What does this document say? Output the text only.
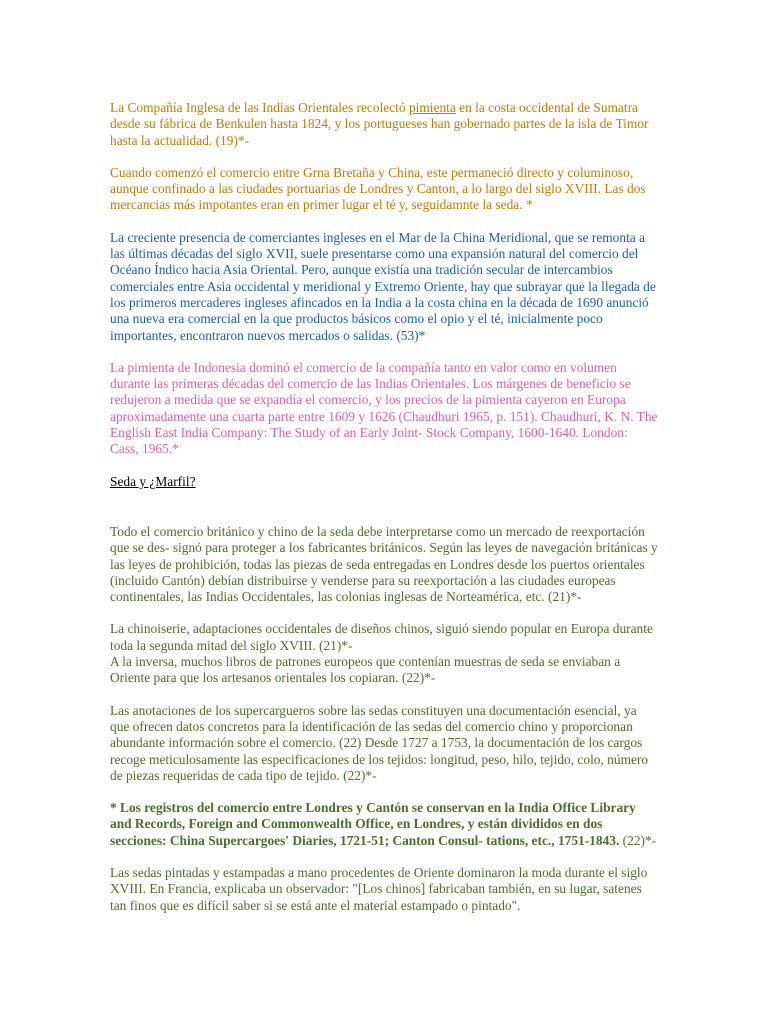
La Compañía Inglesa de las Indias Orientales recolectó pimienta en la costa occidental de Sumatra desde su fábrica de Benkulen hasta 1824, y los portugueses han gobernado partes de la isla de Timor hasta la actualidad. (19)*-

Cuando comenzó el comercio entre Grna Bretaña y China, este permaneció directo y columinoso, aunque confinado a las ciudades portuarias de Londres y Canton, a lo largo del siglo XVIII. Las dos mercancias más impotantes eran en primer lugar el té y, seguidamnte la seda. *

La creciente presencia de comerciantes ingleses en el Mar de la China Meridional, que se remonta a las últimas décadas del siglo XVII, suele presentarse como una expansión natural del comercio del Océano Índico hacia Asia Oriental. Pero, aunque existía una tradición secular de intercambios comerciales entre Asia occidental y meridional y Extremo Oriente, hay que subrayar que la llegada de los primeros mercaderes ingleses afincados en la India a la costa china en la década de 1690 anunció una nueva era comercial en la que productos básicos como el opio y el té, inicialmente poco importantes, encontraron nuevos mercados o salidas. (53)*

La pimienta de Indonesia dominó el comercio de la compañía tanto en valor como en volumen durante las primeras décadas del comercio de las Indias Orientales. Los márgenes de beneficio se redujeron a medida que se expandía el comercio, y los precios de la pimienta cayeron en Europa aproximadamente una cuarta parte entre 1609 y 1626 (Chaudhuri 1965, p. 151). Chaudhuri, K. N. The English East India Company: The Study of an Early Joint- Stock Company, 1600-1640. London: Cass, 1965.*

Seda y ¿Marfil?

Todo el comercio británico y chino de la seda debe interpretarse como un mercado de reexportación que se des- signó para proteger a los fabricantes británicos. Según las leyes de navegación británicas y las leyes de prohibición, todas las piezas de seda entregadas en Londres desde los puertos orientales (incluido Cantón) debían distribuirse y venderse para su reexportación a las ciudades europeas continentales, las Indias Occidentales, las colonias inglesas de Norteamérica, etc. (21)*-

La chinoiserie, adaptaciones occidentales de diseños chinos, siguió siendo popular en Europa durante toda la segunda mitad del siglo XVIII. (21)*-

A la inversa, muchos libros de patrones europeos que contenían muestras de seda se enviaban a Oriente para que los artesanos orientales los copiaran. (22)*-

Las anotaciones de los supercargueros sobre las sedas constituyen una documentación esencial, ya que ofrecen datos concretos para la identificación de las sedas del comercio chino y proporcionan abundante información sobre el comercio. (22) Desde 1727 a 1753, la documentación de los cargos recoge meticulosamente las especificaciones de los tejidos: longitud, peso, hilo, tejido, colo, número de piezas requeridas de cada tipo de tejido. (22)*-

* Los registros del comercio entre Londres y Cantón se conservan en la India Office Library and Records, Foreign and Commonwealth Office, en Londres, y están divididos en dos secciones: China Supercargoes' Diaries, 1721-51; Canton Consul- tations, etc., 1751-1843. (22)*-

Las sedas pintadas y estampadas a mano procedentes de Oriente dominaron la moda durante el siglo XVIII. En Francia, explicaba un observador: "[Los chinos] fabricaban también, en su lugar, satenes tan finos que es difícil saber si se está ante el material estampado o pintado".
